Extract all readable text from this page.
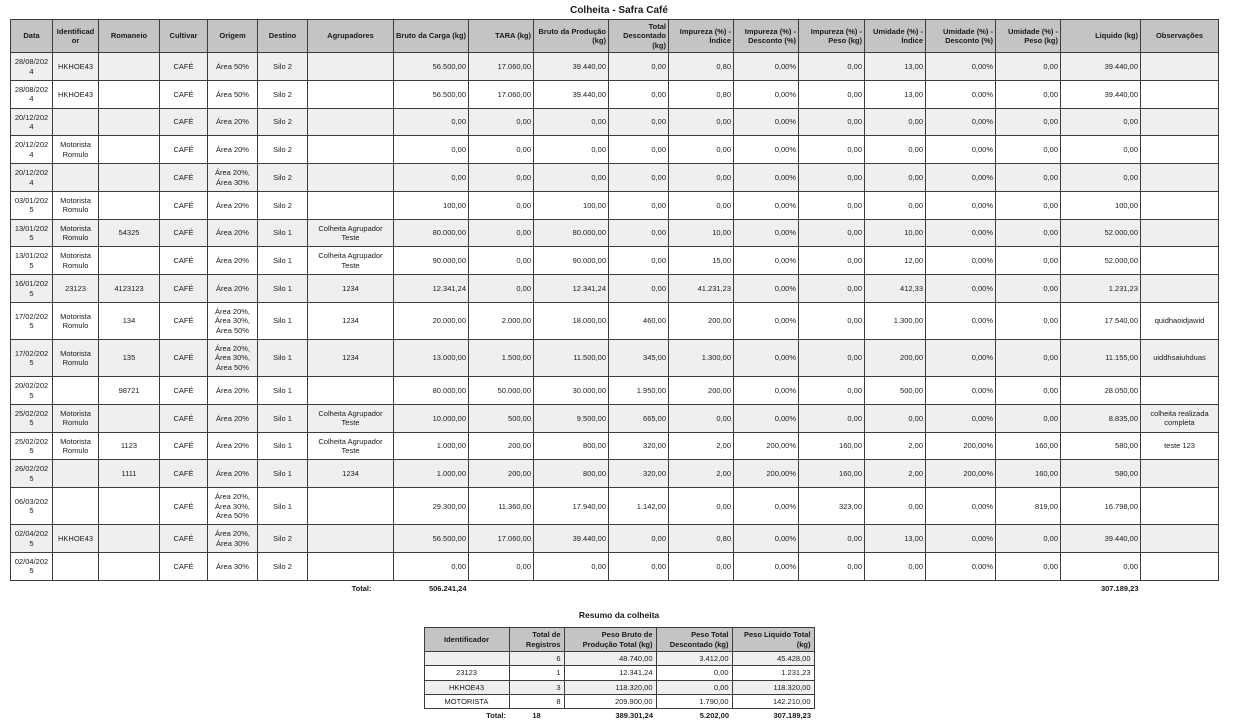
Colheita - Safra Café
Data	Identificador	Romaneio	Cultivar	Origem	Destino	Agrupadores	Bruto da Carga (kg)	TARA (kg)	Bruto da Produção (kg)	Total Descontado (kg)	Impureza (%) - Índice	Impureza (%) - Desconto (%)	Impureza (%) - Peso (kg)	Umidade (%) - Índice	Umidade (%) - Desconto (%)	Umidade (%) - Peso (kg)	Liquido (kg)	Observações
28/08/2024	HKHOE43		CAFÉ	Área 50%	Silo 2		56.500,00	17.060,00	39.440,00	0,00	0,80	0,00%	0,00	13,00	0,00%	0,00	39.440,00	
28/08/2024	HKHOE43		CAFÉ	Área 50%	Silo 2		56.500,00	17.060,00	39.440,00	0,00	0,80	0,00%	0,00	13,00	0,00%	0,00	39.440,00	
20/12/2024			CAFÉ	Área 20%	Silo 2		0,00	0,00	0,00	0,00	0,00	0,00%	0,00	0,00	0,00%	0,00	0,00	
20/12/2024	Motorista Romulo		CAFÉ	Área 20%	Silo 2		0,00	0,00	0,00	0,00	0,00	0,00%	0,00	0,00	0,00%	0,00	0,00	
20/12/2024			CAFÉ	Área 20%, Área 30%	Silo 2		0,00	0,00	0,00	0,00	0,00	0,00%	0,00	0,00	0,00%	0,00	0,00	
03/01/2025	Motorista Romulo		CAFÉ	Área 20%	Silo 2		100,00	0,00	100,00	0,00	0,00	0,00%	0,00	0,00	0,00%	0,00	100,00	
13/01/2025	Motorista Romulo	54325	CAFÉ	Área 20%	Silo 1	Colheita Agrupador Teste	80.000,00	0,00	80.000,00	0,00	10,00	0,00%	0,00	10,00	0,00%	0,00	52.000,00	
13/01/2025	Motorista Romulo		CAFÉ	Área 20%	Silo 1	Colheita Agrupador Teste	90.000,00	0,00	90.000,00	0,00	15,00	0,00%	0,00	12,00	0,00%	0,00	52.000,00	
16/01/2025	23123	4123123	CAFÉ	Área 20%	Silo 1	1234	12.341,24	0,00	12.341,24	0,00	41.231,23	0,00%	0,00	412,33	0,00%	0,00	1.231,23	
17/02/2025	Motorista Romulo	134	CAFÉ	Área 20%, Área 30%, Área 50%	Silo 1	1234	20.000,00	2.000,00	18.000,00	460,00	200,00	0,00%	0,00	1.300,00	0,00%	0,00	17.540,00	quidhaoidjawid
17/02/2025	Motorista Romulo	135	CAFÉ	Área 20%, Área 30%, Área 50%	Silo 1	1234	13.000,00	1.500,00	11.500,00	345,00	1.300,00	0,00%	0,00	200,00	0,00%	0,00	11.155,00	uiddhsaiuhduas
20/02/2025		98721	CAFÉ	Área 20%	Silo 1		80.000,00	50.000,00	30.000,00	1.950,00	200,00	0,00%	0,00	500,00	0,00%	0,00	28.050,00	
25/02/2025	Motorista Romulo		CAFÉ	Área 20%	Silo 1	Colheita Agrupador Teste	10.000,00	500,00	9.500,00	665,00	0,00	0,00%	0,00	0,00	0,00%	0,00	8.835,00	colheita realizada completa
25/02/2025	Motorista Romulo	1123	CAFÉ	Área 20%	Silo 1	Colheita Agrupador Teste	1.000,00	200,00	800,00	320,00	2,00	200,00%	160,00	2,00	200,00%	160,00	580,00	teste 123
26/02/2025		1111	CAFÉ	Área 20%	Silo 1	1234	1.000,00	200,00	800,00	320,00	2,00	200,00%	160,00	2,00	200,00%	160,00	580,00	
06/03/2025			CAFÉ	Área 20%, Área 30%, Área 50%	Silo 1		29.300,00	11.360,00	17.940,00	1.142,00	0,00	0,00%	323,00	0,00	0,00%	819,00	16.798,00	
02/04/2025	HKHOE43		CAFÉ	Área 20%, Área 30%	Silo 2		56.500,00	17.060,00	39.440,00	0,00	0,80	0,00%	0,00	13,00	0,00%	0,00	39.440,00	
02/04/2025			CAFÉ	Área 30%	Silo 2		0,00	0,00	0,00	0,00	0,00	0,00%	0,00	0,00	0,00%	0,00	0,00	
Total:							506.241,24										307.189,23	
Resumo da colheita
Identificador	Total de Registros	Peso Bruto de Produção Total (kg)	Peso Total Descontado (kg)	Peso Liquido Total (kg)
	6	48.740,00	3.412,00	45.428,00
23123	1	12.341,24	0,00	1.231,23
HKHOE43	3	118.320,00	0,00	118.320,00
MOTORISTA	8	209.900,00	1.790,00	142.210,00
Total:	18	389.301,24	5.202,00	307.189,23
